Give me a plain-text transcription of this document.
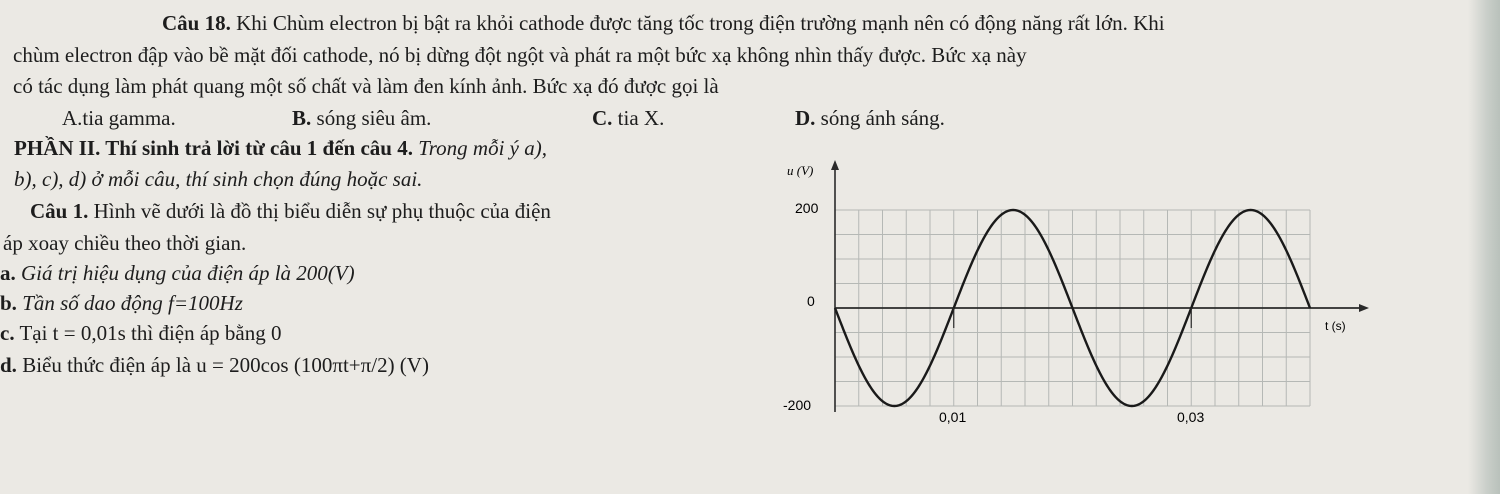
Câu 18. Khi Chùm electron bị bật ra khỏi cathode được tăng tốc trong điện trường mạnh nên có động năng rất lớn. Khi
chùm electron đập vào bề mặt đối cathode, nó bị dừng đột ngột và phát ra một bức xạ không nhìn thấy được. Bức xạ này
có tác dụng làm phát quang một số chất và làm đen kính ảnh. Bức xạ đó được gọi là
A.tia gamma.	B. sóng siêu âm.	C. tia X.	D. sóng ánh sáng.
PHẦN II. Thí sinh trả lời từ câu 1 đến câu 4. Trong mỗi ý a),
b), c), d) ở mỗi câu, thí sinh chọn đúng hoặc sai.
Câu 1. Hình vẽ dưới là đồ thị biểu diễn sự phụ thuộc của điện
áp xoay chiều theo thời gian.
a. Giá trị hiệu dụng của điện áp là 200(V)
b. Tần số dao động f=100Hz
c. Tại t = 0,01s thì điện áp bằng 0
d. Biểu thức điện áp là u = 200cos (100πt+π/2) (V)
u (V)
t (s)
200
0
-200
0,01	0,03
